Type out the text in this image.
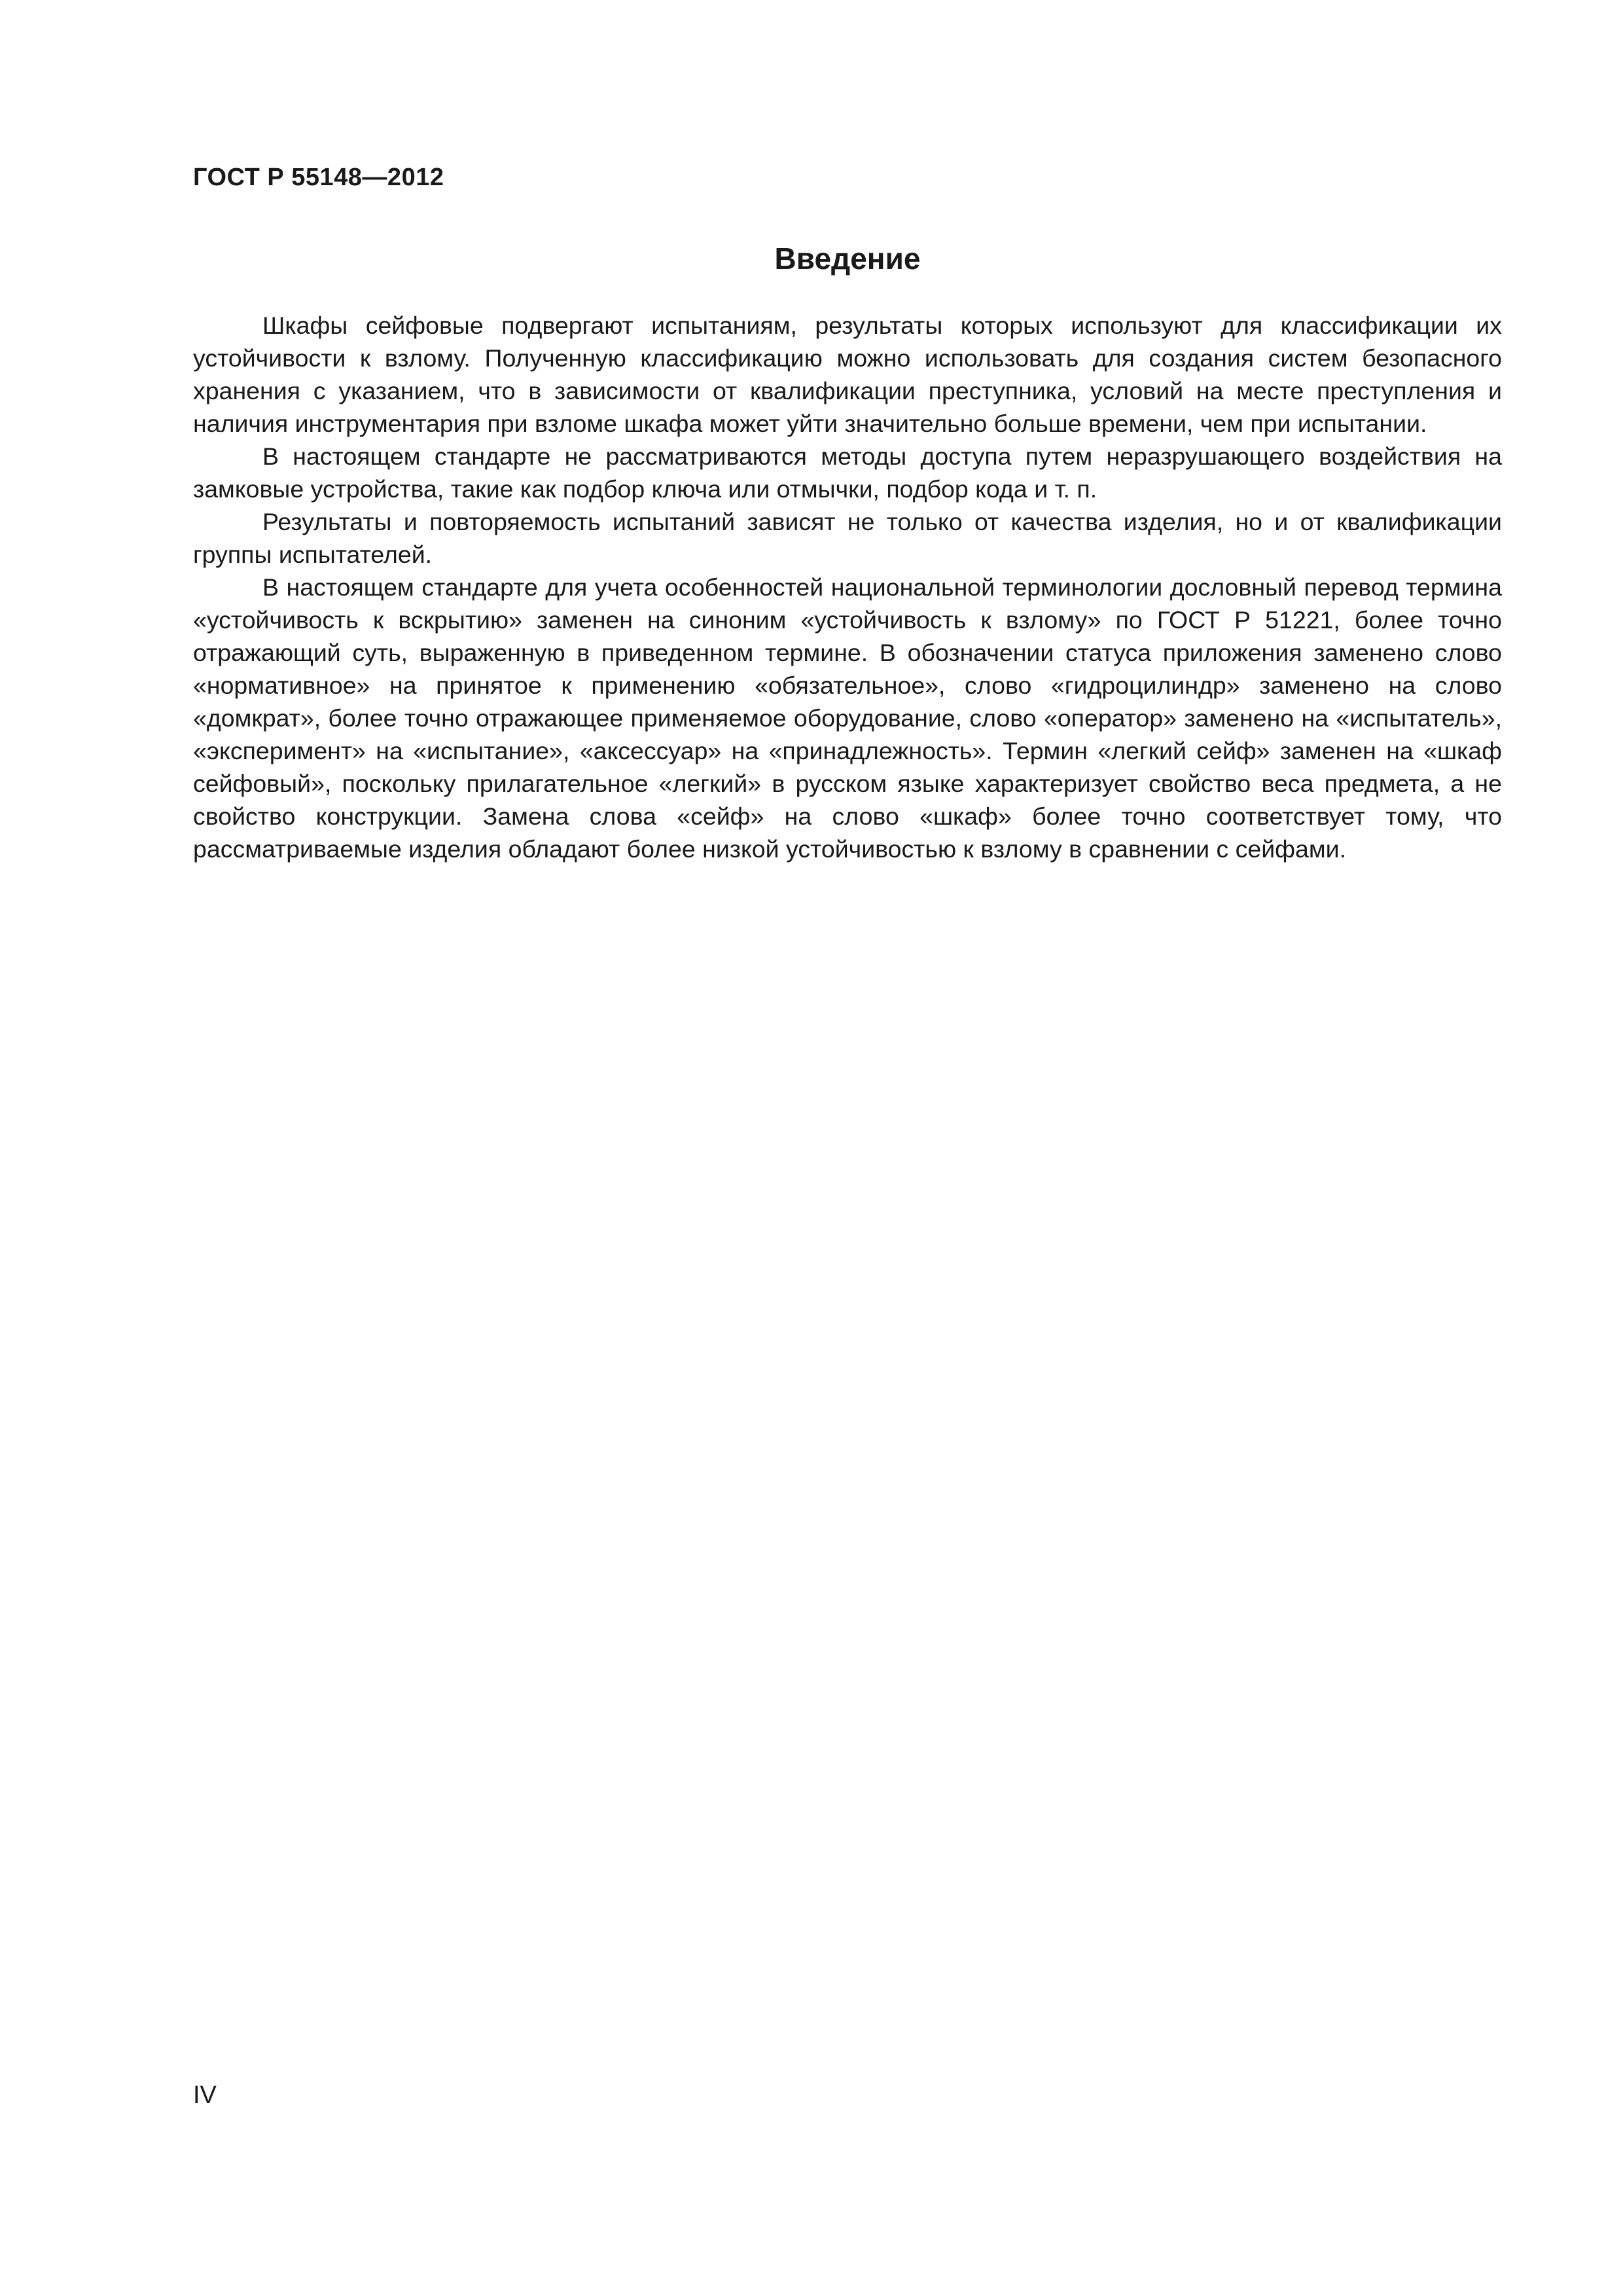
ГОСТ Р 55148—2012

Введение

Шкафы сейфовые подвергают испытаниям, результаты которых используют для классификации их устойчивости к взлому. Полученную классификацию можно использовать для создания систем безопасного хранения с указанием, что в зависимости от квалификации преступника, условий на месте преступления и наличия инструментария при взломе шкафа может уйти значительно больше времени, чем при испытании.

В настоящем стандарте не рассматриваются методы доступа путем неразрушающего воздействия на замковые устройства, такие как подбор ключа или отмычки, подбор кода и т. п.

Результаты и повторяемость испытаний зависят не только от качества изделия, но и от квалификации группы испытателей.

В настоящем стандарте для учета особенностей национальной терминологии дословный перевод термина «устойчивость к вскрытию» заменен на синоним «устойчивость к взлому» по ГОСТ Р 51221, более точно отражающий суть, выраженную в приведенном термине. В обозначении статуса приложения заменено слово «нормативное» на принятое к применению «обязательное», слово «гидроцилиндр» заменено на слово «домкрат», более точно отражающее применяемое оборудование, слово «оператор» заменено на «испытатель», «эксперимент» на «испытание», «аксессуар» на «принадлежность». Термин «легкий сейф» заменен на «шкаф сейфовый», поскольку прилагательное «легкий» в русском языке характеризует свойство веса предмета, а не свойство конструкции. Замена слова «сейф» на слово «шкаф» более точно соответствует тому, что рассматриваемые изделия обладают более низкой устойчивостью к взлому в сравнении с сейфами.

IV
